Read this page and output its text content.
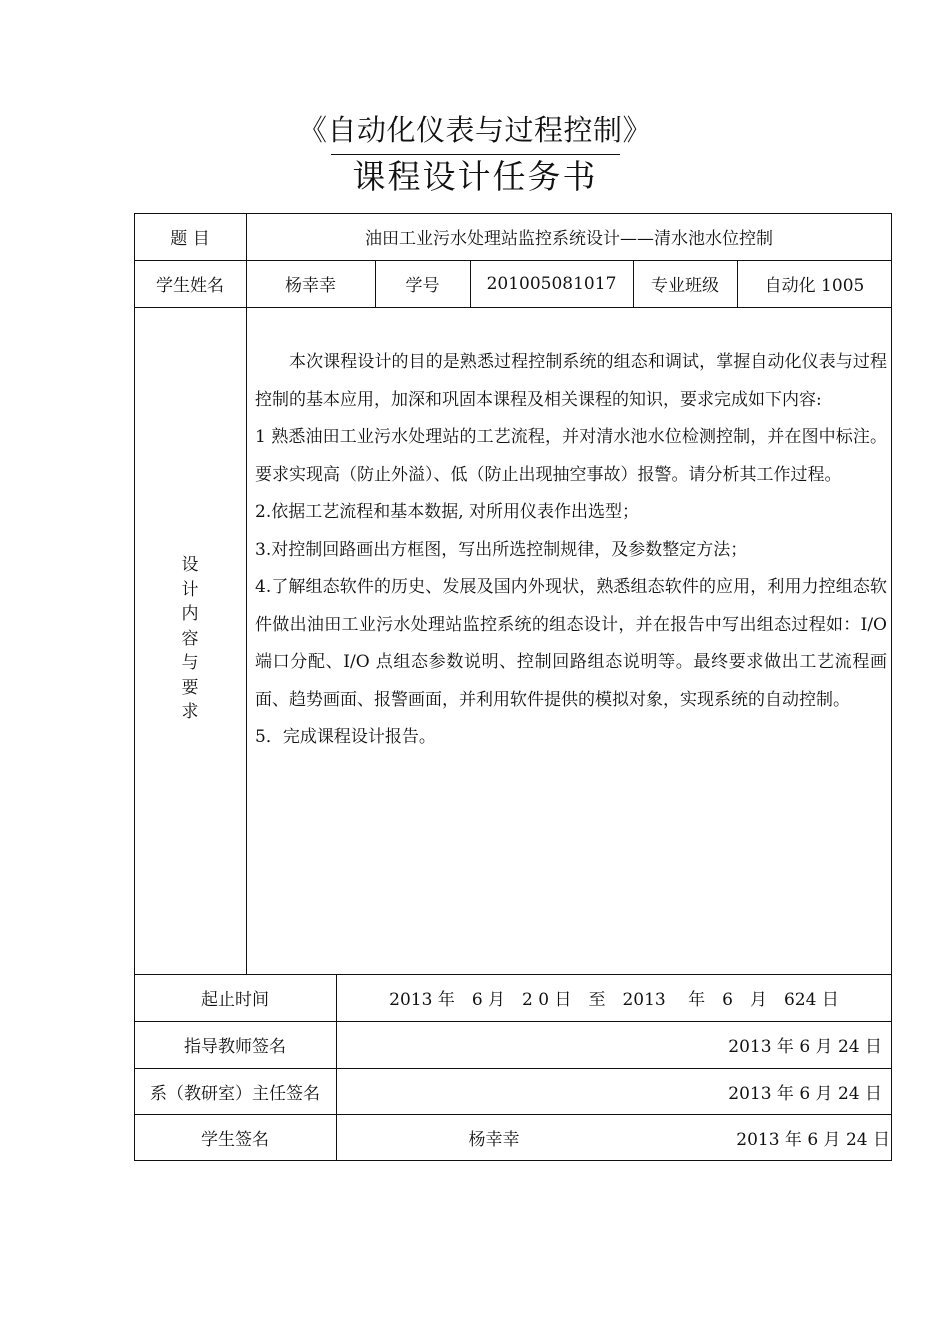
《自动化仪表与过程控制》
课程设计任务书
题 目	油田工业污水处理站监控系统设计——清水池水位控制
学生姓名	杨幸幸	学号	201005081017	专业班级	自动化 1005
设
计
内
容
与
要
求

本次课程设计的目的是熟悉过程控制系统的组态和调试，掌握自动化仪表与过程控制的基本应用，加深和巩固本课程及相关课程的知识，要求完成如下内容:

1 熟悉油田工业污水处理站的工艺流程，并对清水池水位检测控制，并在图中标注。要求实现高（防止外溢）、低（防止出现抽空事故）报警。请分析其工作过程。

2.依据工艺流程和基本数据, 对所用仪表作出选型；

3.对控制回路画出方框图，写出所选控制规律，及参数整定方法；

4.了解组态软件的历史、发展及国内外现状，熟悉组态软件的应用，利用力控组态软件做出油田工业污水处理站监控系统的组态设计，并在报告中写出组态过程如：I/O 端口分配、I/O 点组态参数说明、控制回路组态说明等。最终要求做出工艺流程画面、趋势画面、报警画面，并利用软件提供的模拟对象，实现系统的自动控制。

5．完成课程设计报告。

起止时间	2013 年　6 月　2 0 日　至　2013　 年　6　月　624 日
指导教师签名	2013 年 6 月 24 日
系（教研室）主任签名	2013 年 6 月 24 日
学生签名	杨幸幸	2013 年 6 月 24 日
